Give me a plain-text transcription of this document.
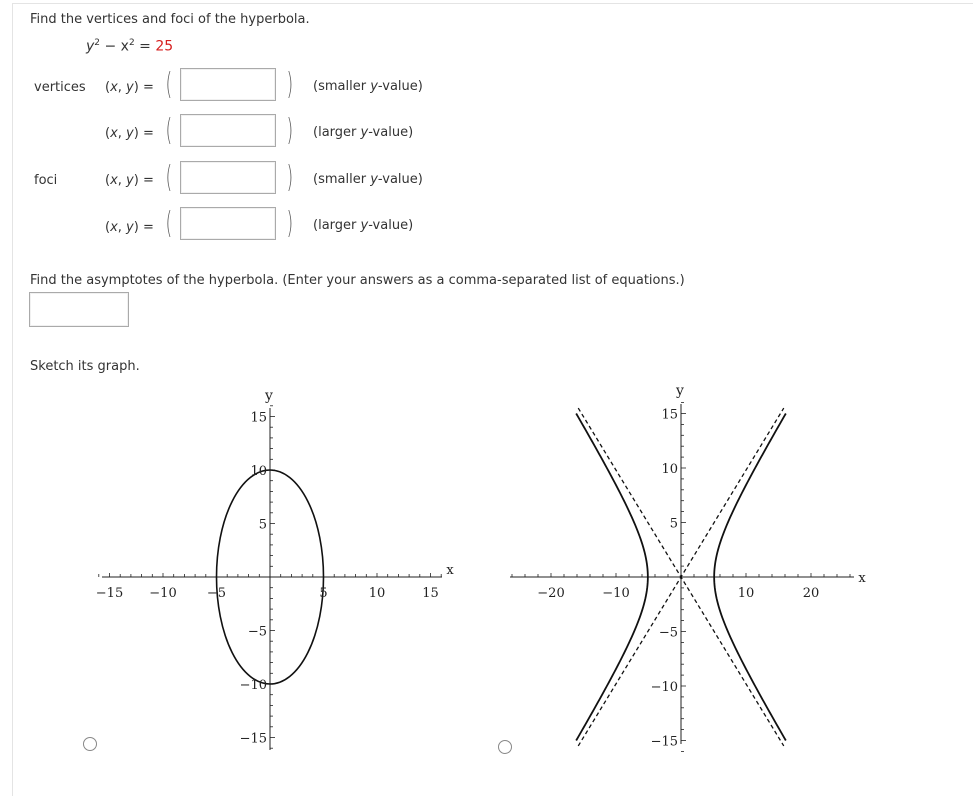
Find the vertices and foci of the hyperbola.
$y^2 - x^2 = 25$
vertices (x, y) = (	) (smaller y-value)
(x, y) = (	) (larger y-value)
foci	(x, y) = (	) (smaller y-value)
(x, y) = (	) (larger y-value)
Find the asymptotes of the hyperbola. (Enter your answers as a comma-separated list of equations.)
Sketch its graph.
−15 −10 −5	5	10	15
15
10
5
−5
−10
−15
x
y
−20	−10	10	20
15
10
5
−5
−10
−15
x
y
